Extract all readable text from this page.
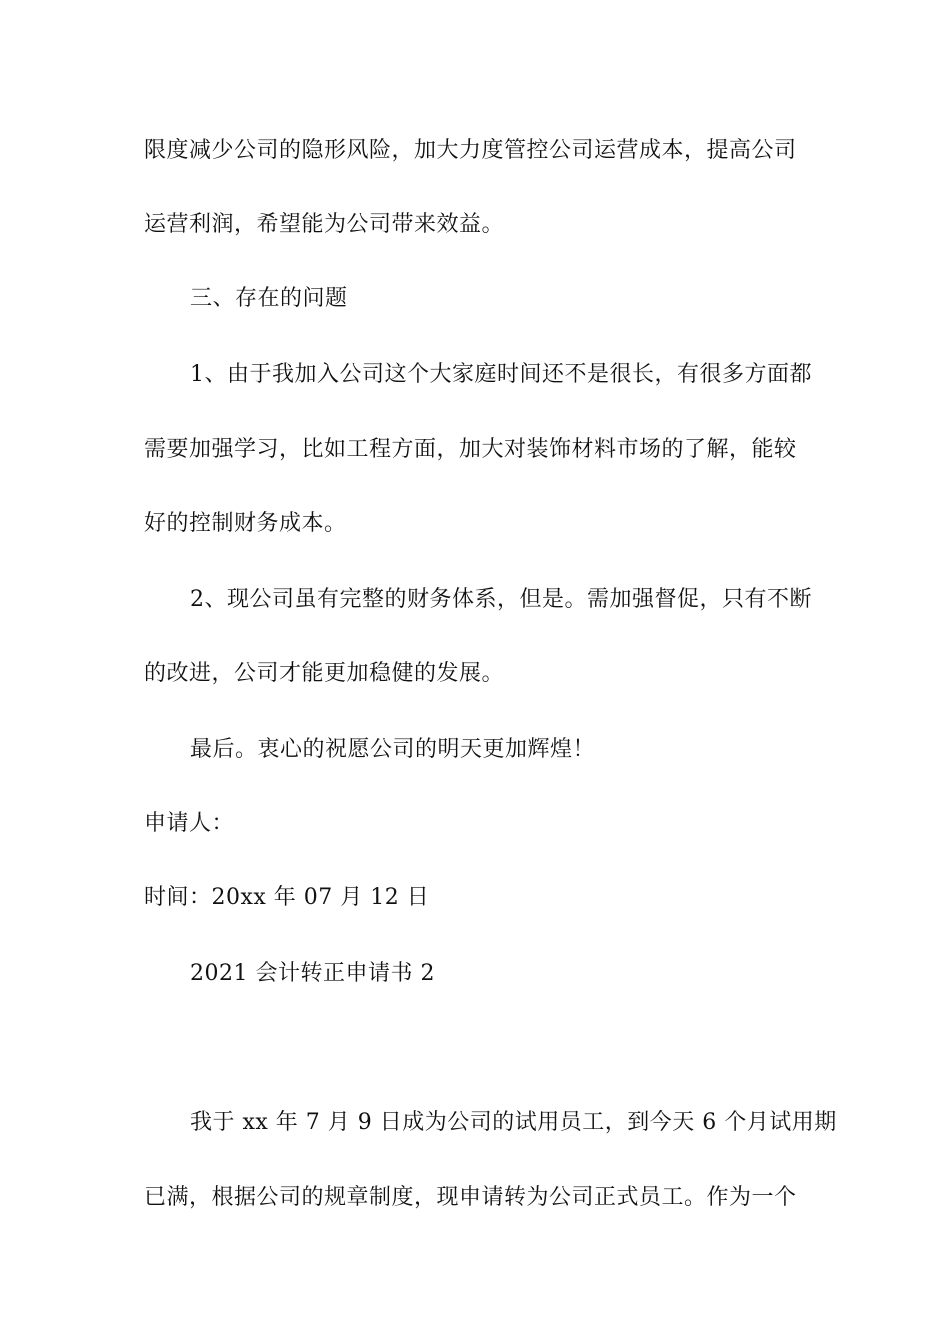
限度减少公司的隐形风险，加大力度管控公司运营成本，提高公司
运营利润，希望能为公司带来效益。
三、存在的问题
1、由于我加入公司这个大家庭时间还不是很长，有很多方面都
需要加强学习，比如工程方面，加大对装饰材料市场的了解，能较
好的控制财务成本。
2、现公司虽有完整的财务体系，但是。需加强督促，只有不断
的改进，公司才能更加稳健的发展。
最后。衷心的祝愿公司的明天更加辉煌！
申请人：
时间：20xx 年 07 月 12 日
2021 会计转正申请书 2
我于 xx 年 7 月 9 日成为公司的试用员工，到今天 6 个月试用期
已满，根据公司的规章制度，现申请转为公司正式员工。作为一个
